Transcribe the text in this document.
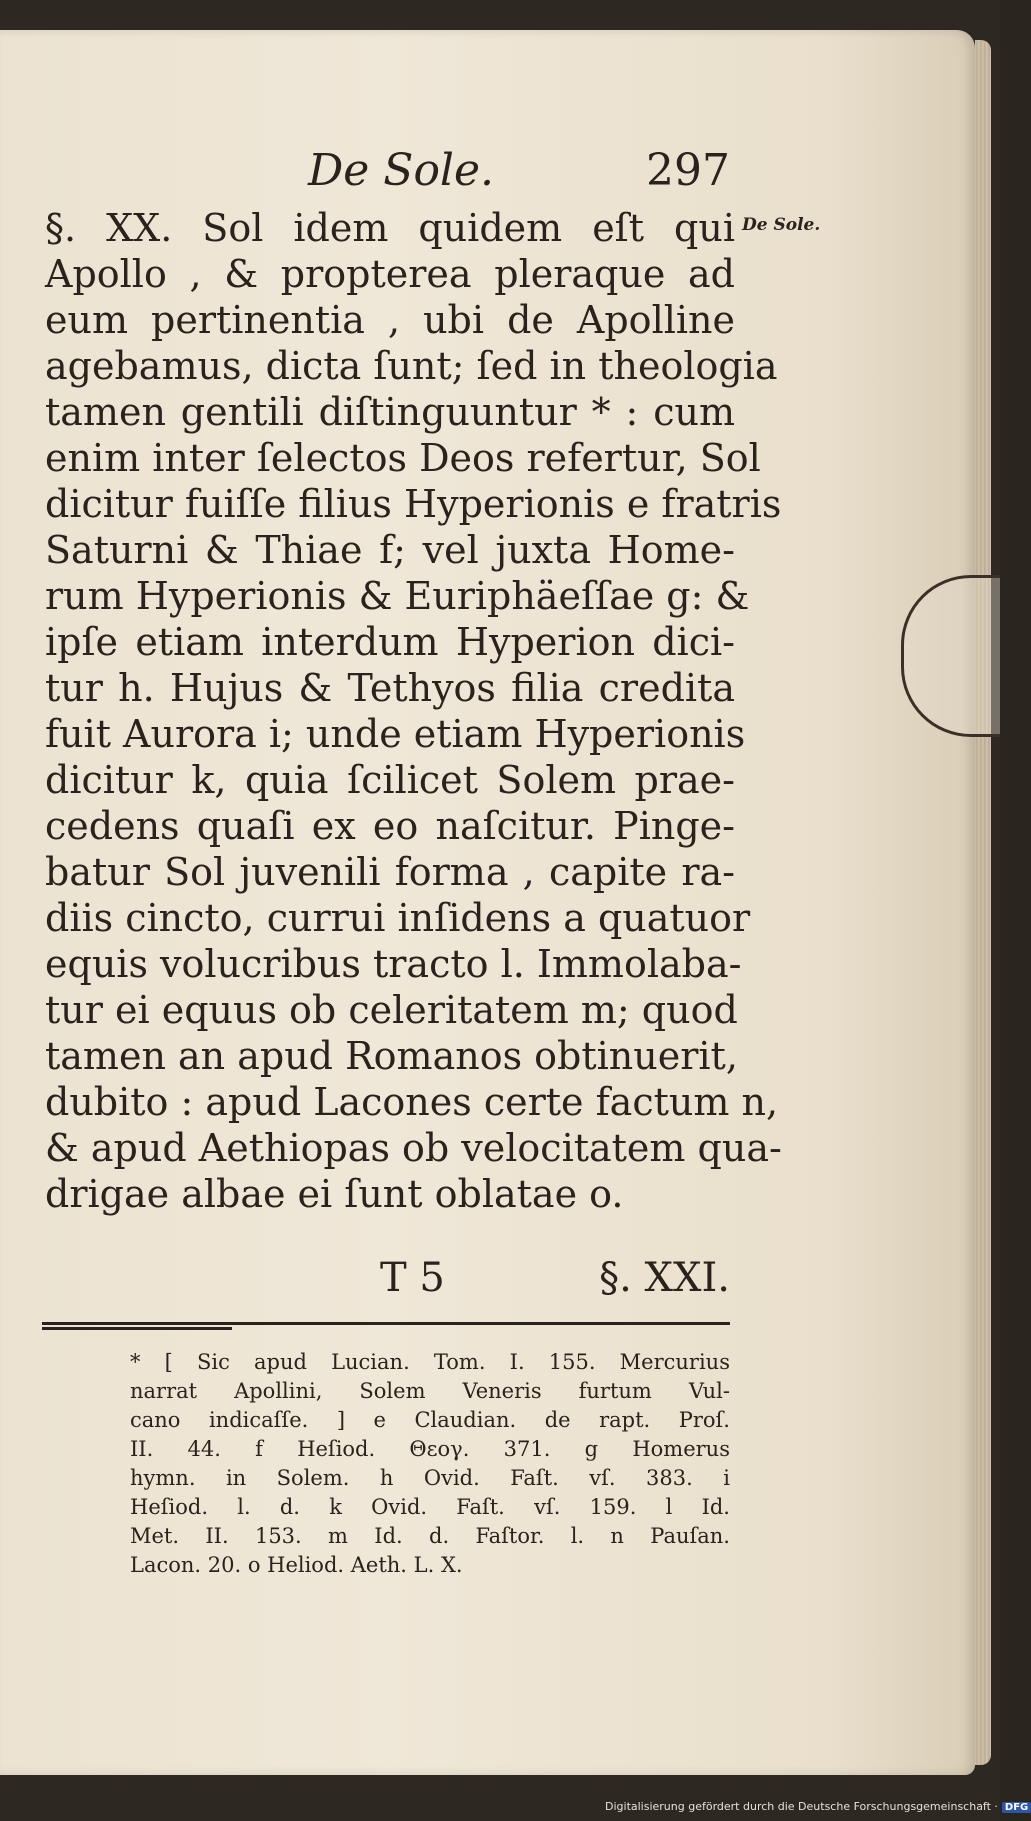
De Sole.	297
De Sole.
§. XX. Sol idem quidem eſt qui
Apollo , & propterea pleraque ad
eum pertinentia , ubi de Apolline
agebamus, dicta ſunt; ſed in theologia
tamen gentili diſtinguuntur * : cum
enim inter ſelectos Deos refertur, Sol
dicitur fuiſſe filius Hyperionis e fratris
Saturni & Thiae f; vel juxta Home-
rum Hyperionis & Euriphäeſſae g: &
ipſe etiam interdum Hyperion dici-
tur h. Hujus & Tethyos filia credita
fuit Aurora i; unde etiam Hyperionis
dicitur k, quia ſcilicet Solem prae-
cedens quaſi ex eo naſcitur. Pinge-
batur Sol juvenili forma , capite ra-
diis cincto, currui inſidens a quatuor
equis volucribus tracto l. Immolaba-
tur ei equus ob celeritatem m; quod
tamen an apud Romanos obtinuerit,
dubito : apud Lacones certe factum n,
& apud Aethiopas ob velocitatem qua-
drigae albae ei ſunt oblatae o.
T 5	§. XXI.
* [ Sic apud Lucian. Tom. I. 155. Mercurius
narrat Apollini, Solem Veneris furtum Vul-
cano indicaſſe. ] e Claudian. de rapt. Proſ.
II. 44. f Heſiod. Θεογ. 371. g Homerus
hymn. in Solem. h Ovid. Faſt. vſ. 383. i
Heſiod. l. d. k Ovid. Faſt. vſ. 159. l Id.
Met. II. 153. m Id. d. Faſtor. l. n Pauſan.
Lacon. 20. o Heliod. Aeth. L. X.
Digitalisierung gefördert durch die Deutsche Forschungsgemeinschaft · DFG
